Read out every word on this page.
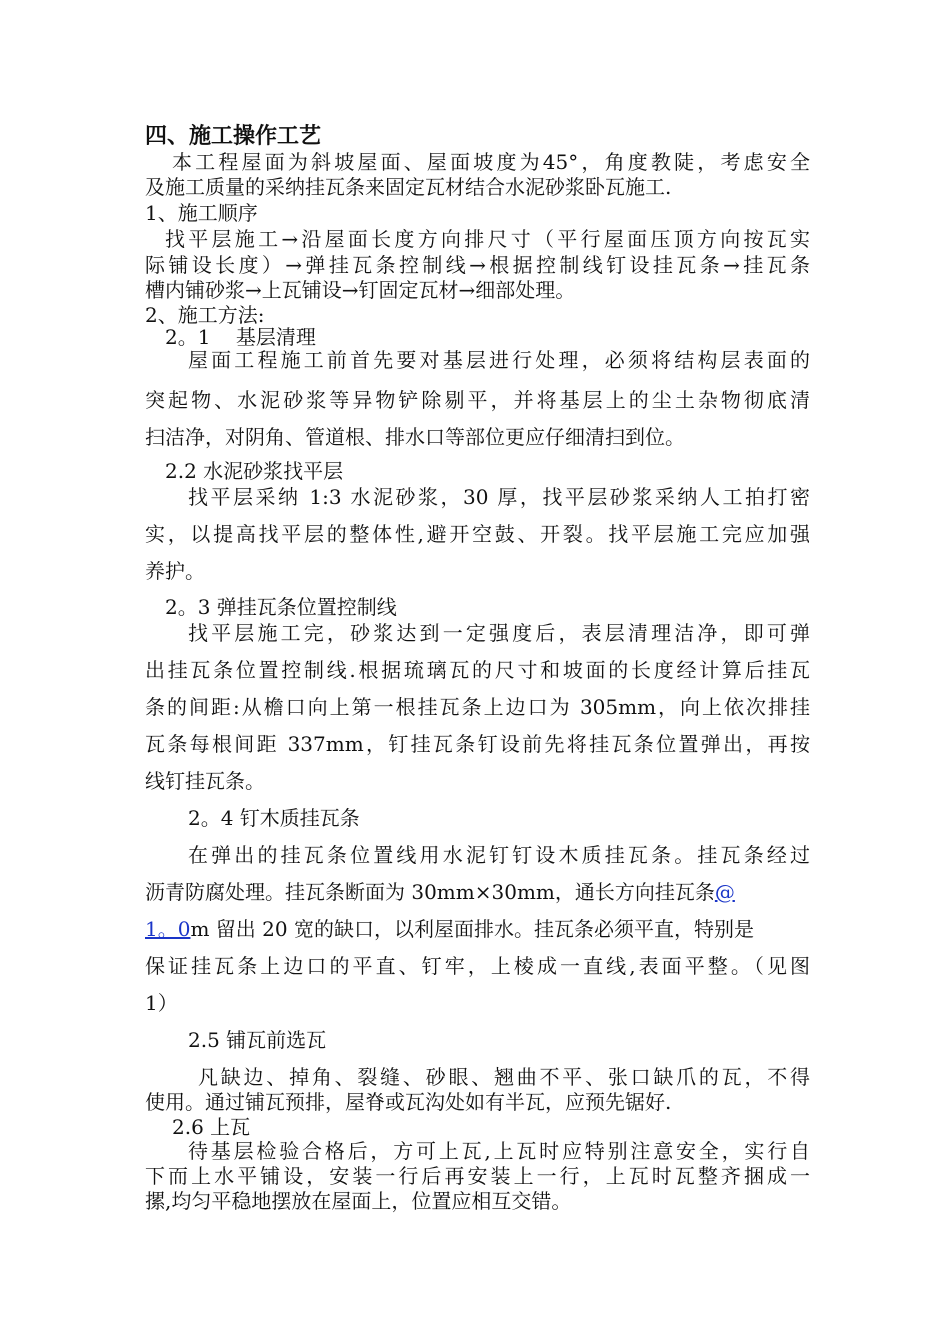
四、施工操作工艺
本工程屋面为斜坡屋面、屋面坡度为45°，角度教陡，考虑安全
及施工质量的采纳挂瓦条来固定瓦材结合水泥砂浆卧瓦施工.
1、施工顺序
找平层施工→沿屋面长度方向排尺寸（平行屋面压顶方向按瓦实
际铺设长度）→弹挂瓦条控制线→根据控制线钉设挂瓦条→挂瓦条
槽内铺砂浆→上瓦铺设→钉固定瓦材→细部处理。
2、施工方法:
2。1    基层清理
屋面工程施工前首先要对基层进行处理，必须将结构层表面的
突起物、水泥砂浆等异物铲除剔平，并将基层上的尘土杂物彻底清
扫洁净，对阴角、管道根、排水口等部位更应仔细清扫到位。
2.2 水泥砂浆找平层
找平层采纳 1:3 水泥砂浆，30 厚，找平层砂浆采纳人工拍打密
实，以提高找平层的整体性,避开空鼓、开裂。找平层施工完应加强
养护。
2。3 弹挂瓦条位置控制线
找平层施工完，砂浆达到一定强度后，表层清理洁净，即可弹
出挂瓦条位置控制线.根据琉璃瓦的尺寸和坡面的长度经计算后挂瓦
条的间距:从檐口向上第一根挂瓦条上边口为 305mm，向上依次排挂
瓦条每根间距 337mm，钉挂瓦条钉设前先将挂瓦条位置弹出，再按
线钉挂瓦条。
2。4 钉木质挂瓦条
在弹出的挂瓦条位置线用水泥钉钉设木质挂瓦条。挂瓦条经过
沥青防腐处理。挂瓦条断面为 30mm×30mm，通长方向挂瓦条@
1。0m 留出 20 宽的缺口，以利屋面排水。挂瓦条必须平直，特别是
保证挂瓦条上边口的平直、钉牢，上棱成一直线,表面平整。（见图
1）
2.5 铺瓦前选瓦
凡缺边、掉角、裂缝、砂眼、翘曲不平、张口缺爪的瓦，不得
使用。通过铺瓦预排，屋脊或瓦沟处如有半瓦，应预先锯好.
2.6 上瓦
待基层检验合格后，方可上瓦,上瓦时应特别注意安全，实行自
下而上水平铺设，安装一行后再安装上一行，上瓦时瓦整齐捆成一
摞,均匀平稳地摆放在屋面上，位置应相互交错。
